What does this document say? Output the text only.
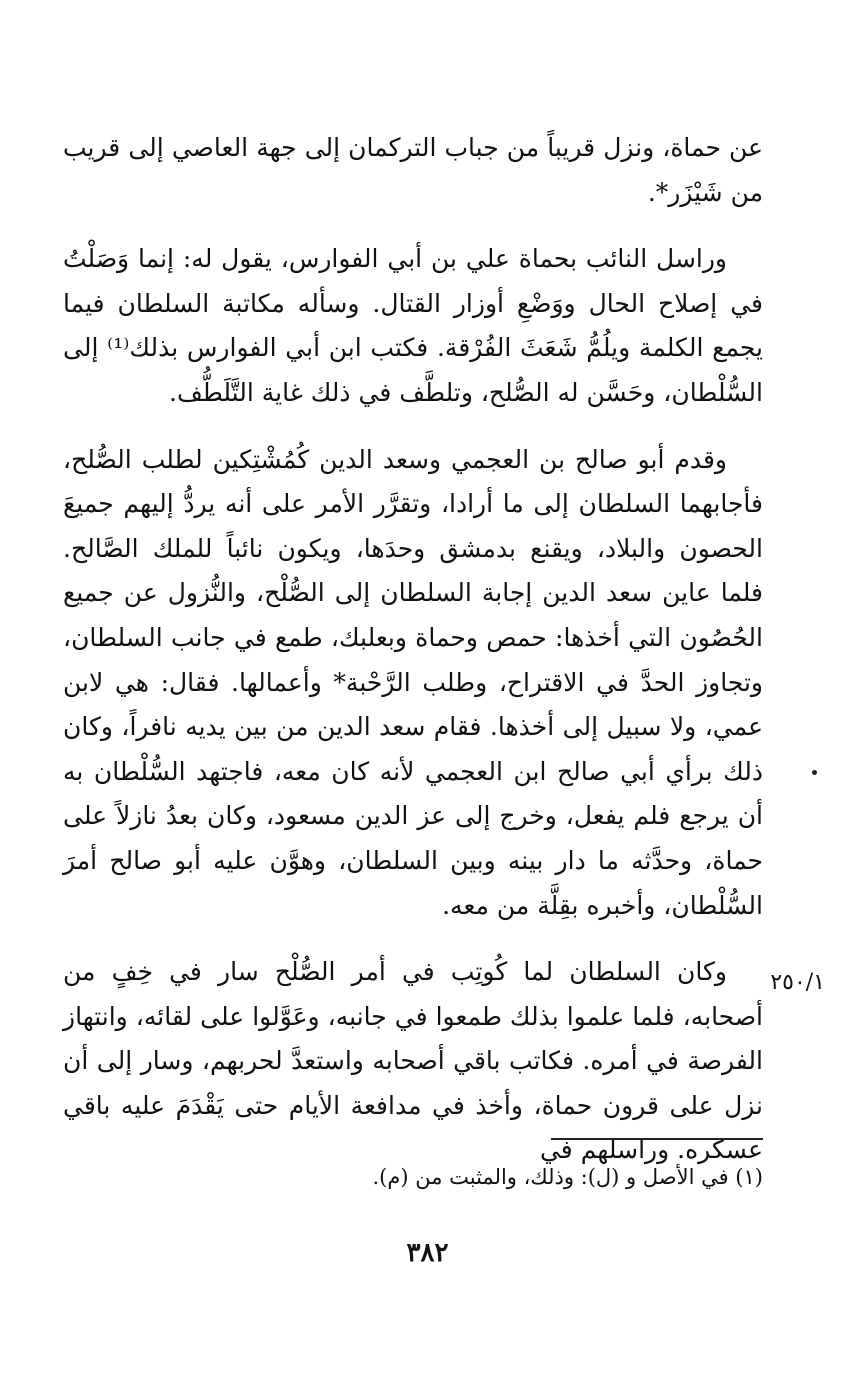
عن حماة، ونزل قريباً من جباب التركمان إلى جهة العاصي إلى قريب من شَيْزَر*.

وراسل النائب بحماة علي بن أبي الفوارس، يقول له: إنما وَصَلْتُ في إصلاح الحال ووَضْعِ أوزار القتال. وسأله مكاتبة السلطان فيما يجمع الكلمة ويلُمُّ شَعَثَ الفُرْقة. فكتب ابن أبي الفوارس بذلك⁽¹⁾ إلى السُّلْطان، وحَسَّن له الصُّلح، وتلطَّف في ذلك غاية التَّلَطُّف.

وقدم أبو صالح بن العجمي وسعد الدين كُمُشْتِكين لطلب الصُّلح، فأجابهما السلطان إلى ما أرادا، وتقرَّر الأمر على أنه يردُّ إليهم جميعَ الحصون والبلاد، ويقنع بدمشق وحدَها، ويكون نائباً للملك الصَّالح. فلما عاين سعد الدين إجابة السلطان إلى الصُّلْح، والنُّزول عن جميع الحُصُون التي أخذها: حمص وحماة وبعلبك، طمع في جانب السلطان، وتجاوز الحدَّ في الاقتراح، وطلب الرَّحْبة* وأعمالها. فقال: هي لابن عمي، ولا سبيل إلى أخذها. فقام سعد الدين من بين يديه نافراً، وكان ذلك برأي أبي صالح ابن العجمي لأنه كان معه، فاجتهد السُّلْطان به أن يرجع فلم يفعل، وخرج إلى عز الدين مسعود، وكان بعدُ نازلاً على حماة، وحدَّثه ما دار بينه وبين السلطان، وهوَّن عليه أبو صالح أمرَ السُّلْطان، وأخبره بقِلَّة من معه.

وكان السلطان لما كُوتِب في أمر الصُّلْح سار في خِفٍ من أصحابه، فلما علموا بذلك طمعوا في جانبه، وعَوَّلوا على لقائه، وانتهاز الفرصة في أمره. فكاتب باقي أصحابه واستعدَّ لحربهم، وسار إلى أن نزل على قرون حماة، وأخذ في مدافعة الأيام حتى يَقْدَمَ عليه باقي عسكره. وراسلهم في

٢٥٠/١
(١) في الأصل و (ل): وذلك، والمثبت من (م).
٣٨٢
